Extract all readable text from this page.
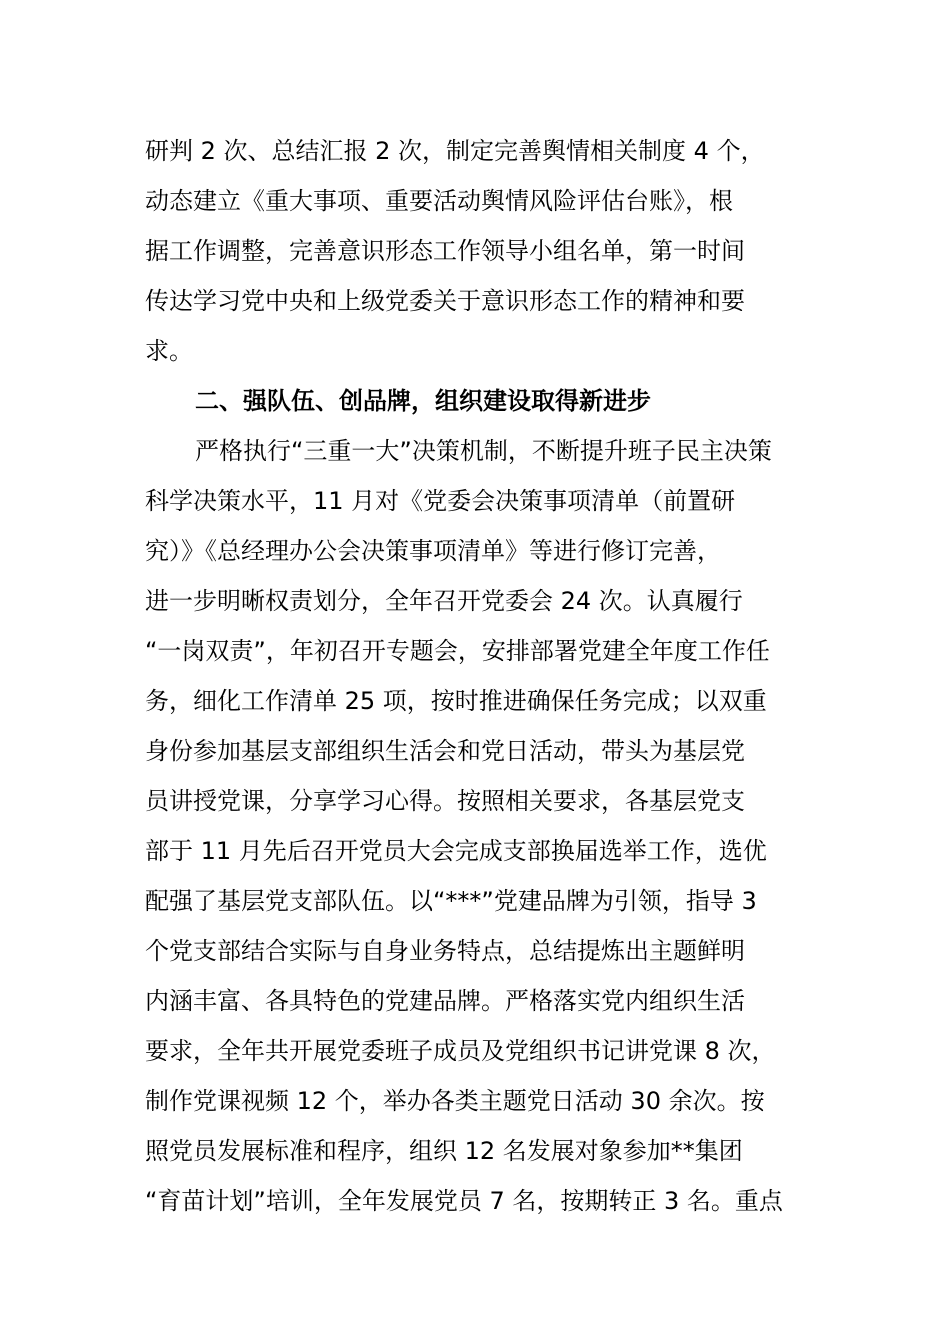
研判 2 次、总结汇报 2 次，制定完善舆情相关制度 4 个，
动态建立《重大事项、重要活动舆情风险评估台账》，根
据工作调整，完善意识形态工作领导小组名单，第一时间
传达学习党中央和上级党委关于意识形态工作的精神和要
求。
二、强队伍、创品牌，组织建设取得新进步
严格执行“三重一大”决策机制，不断提升班子民主决策
科学决策水平，11 月对《党委会决策事项清单（前置研
究）》《总经理办公会决策事项清单》等进行修订完善，
进一步明晰权责划分，全年召开党委会 24 次。认真履行
“一岗双责”，年初召开专题会，安排部署党建全年度工作任
务，细化工作清单 25 项，按时推进确保任务完成；以双重
身份参加基层支部组织生活会和党日活动，带头为基层党
员讲授党课，分享学习心得。按照相关要求，各基层党支
部于 11 月先后召开党员大会完成支部换届选举工作，选优
配强了基层党支部队伍。以“***”党建品牌为引领，指导 3
个党支部结合实际与自身业务特点，总结提炼出主题鲜明
内涵丰富、各具特色的党建品牌。严格落实党内组织生活
要求，全年共开展党委班子成员及党组织书记讲党课 8 次，
制作党课视频 12 个，举办各类主题党日活动 30 余次。按
照党员发展标准和程序，组织 12 名发展对象参加**集团
“育苗计划”培训，全年发展党员 7 名，按期转正 3 名。重点
